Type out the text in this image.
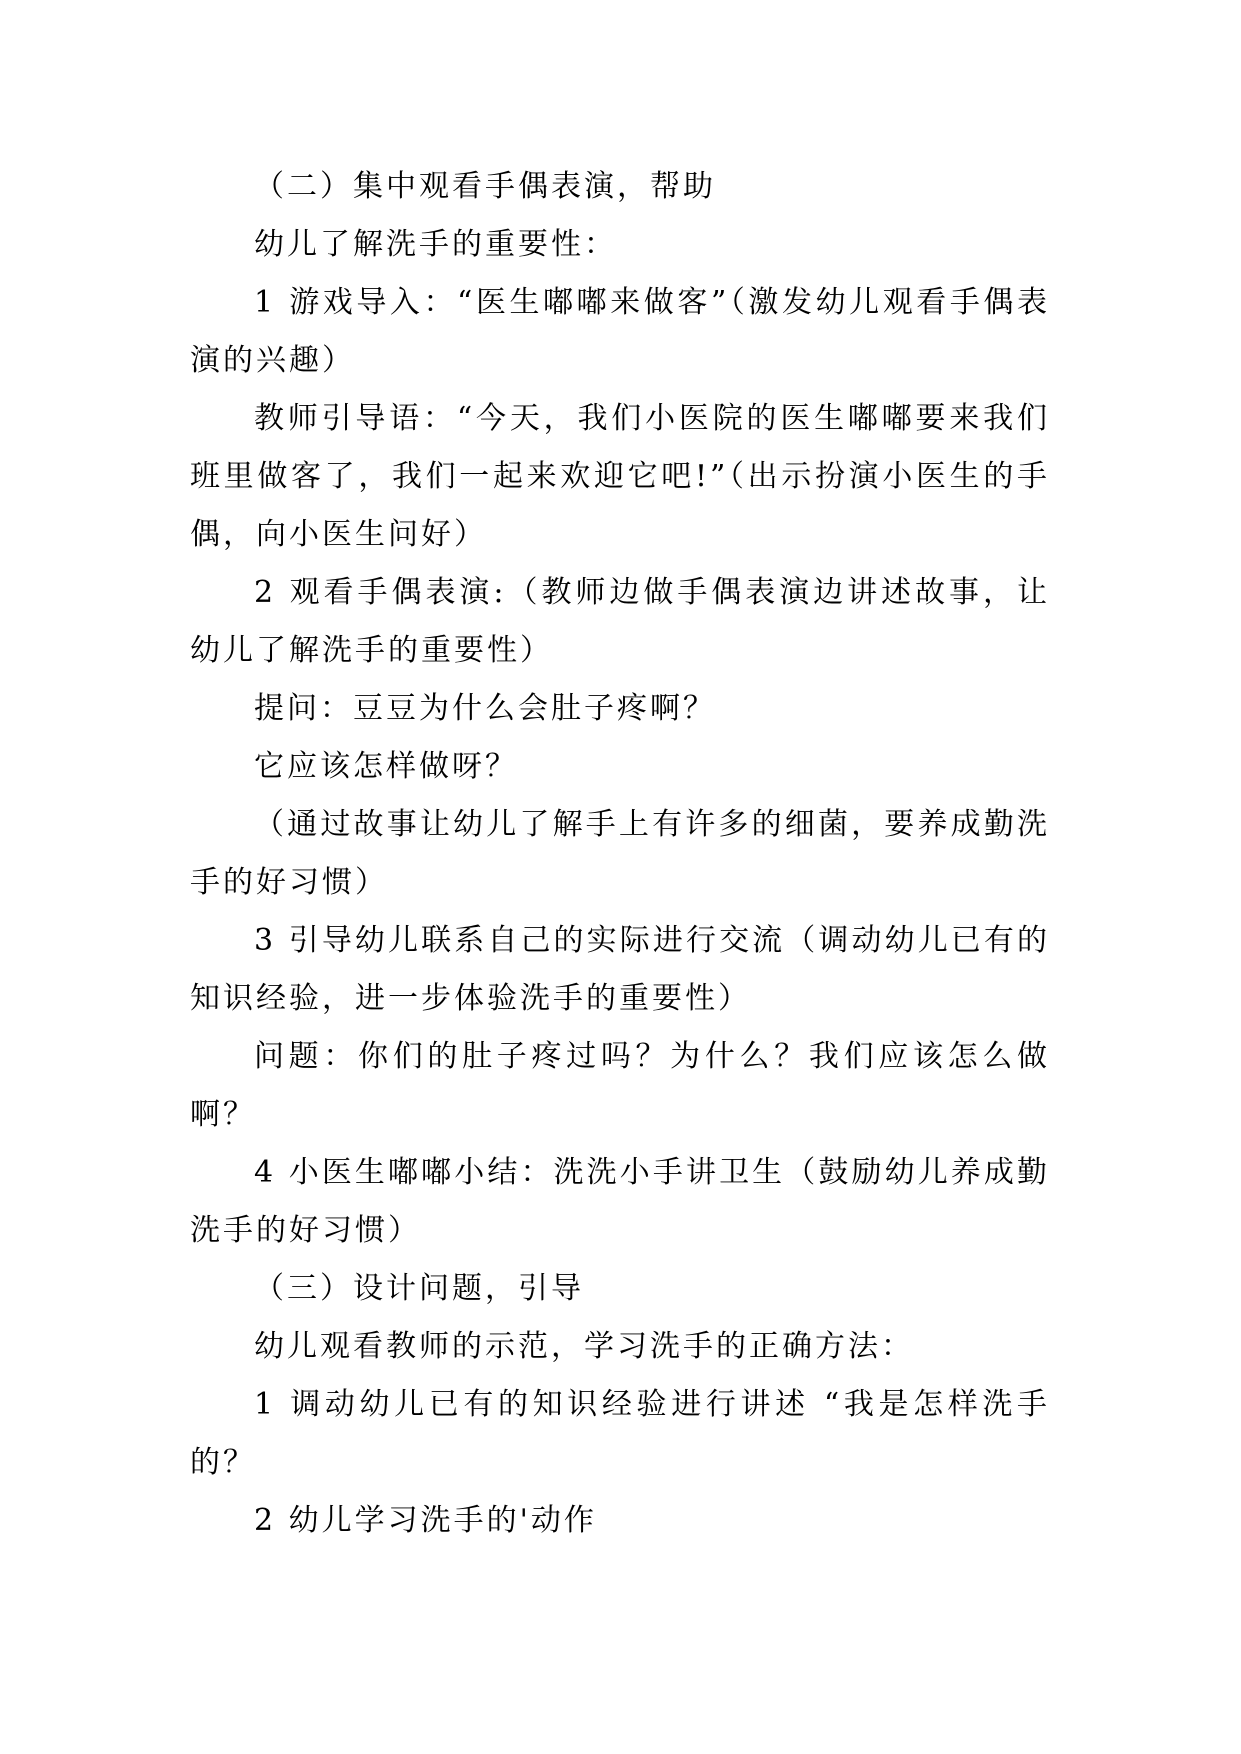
（二）集中观看手偶表演，帮助

幼儿了解洗手的重要性：

1 游戏导入：“医生嘟嘟来做客”（激发幼儿观看手偶表演的兴趣）

教师引导语：“今天，我们小医院的医生嘟嘟要来我们班里做客了，我们一起来欢迎它吧!”（出示扮演小医生的手偶，向小医生问好）

2 观看手偶表演:（教师边做手偶表演边讲述故事，让幼儿了解洗手的重要性）

提问：豆豆为什么会肚子疼啊？

它应该怎样做呀？

（通过故事让幼儿了解手上有许多的细菌，要养成勤洗手的好习惯）

3 引导幼儿联系自己的实际进行交流（调动幼儿已有的知识经验，进一步体验洗手的重要性）

问题：你们的肚子疼过吗？为什么？我们应该怎么做啊？

4 小医生嘟嘟小结：洗洗小手讲卫生（鼓励幼儿养成勤洗手的好习惯）

（三）设计问题，引导

幼儿观看教师的示范，学习洗手的正确方法：

1 调动幼儿已有的知识经验进行讲述 “我是怎样洗手的？

2 幼儿学习洗手的'动作
